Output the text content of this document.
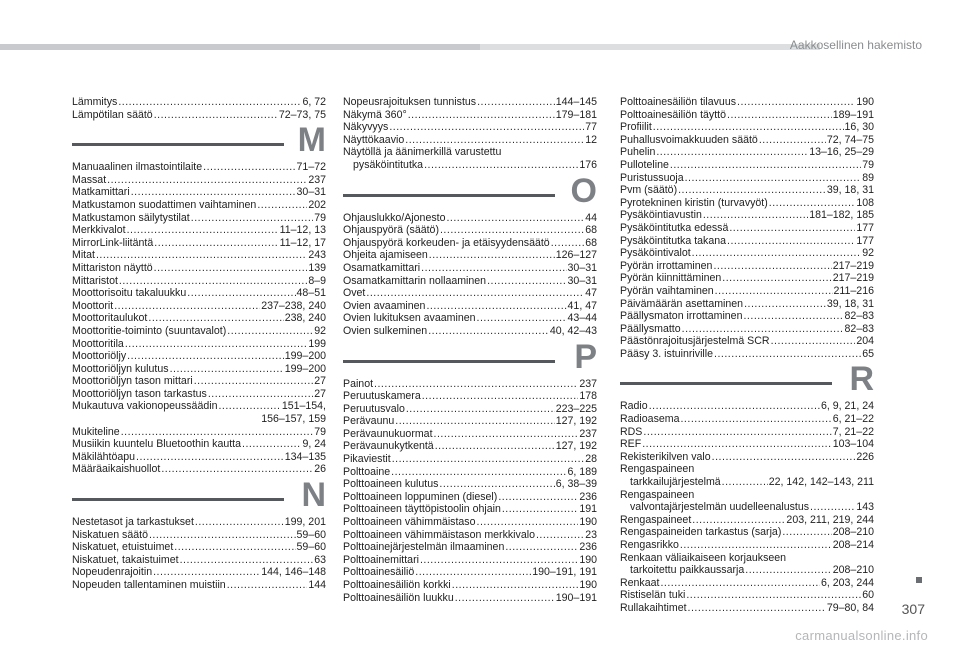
Aakkosellinen hakemisto
Lämmitys .....	6, 72
Lämpötilan säätö .....	72–73, 75
M
Manuaalinen ilmastointilaite .....	71–72
Massat .....	237
Matkamittari .....	30–31
Matkustamon suodattimen vaihtaminen .....	202
Matkustamon säilytystilat .....	79
Merkkivalot .....	11–12, 13
MirrorLink-liitäntä .....	11–12, 17
Mitat .....	243
Mittariston näyttö .....	139
Mittaristot .....	8–9
Moottorisoitu takaluukku .....	48–51
Moottorit .....	237–238, 240
Moottoritaulukot .....	238, 240
Moottoritie-toiminto (suuntavalot) .....	92
Moottoritila .....	199
Moottoriöljy .....	199–200
Moottoriöljyn kulutus .....	199–200
Moottoriöljyn tason mittari .....	27
Moottoriöljyn tason tarkastus .....	27
Mukautuva vakionopeussäädin .....	151–154,
156–157, 159
Mukiteline .....	79
Musiikin kuuntelu Bluetoothin kautta .....	9, 24
Mäkilähtöapu .....	134–135
Määräaikaishuollot .....	26
N
Nestetasot ja tarkastukset .....	199, 201
Niskatuen säätö .....	59–60
Niskatuet, etuistuimet .....	59–60
Niskatuet, takaistuimet .....	63
Nopeudenrajoitin .....	144, 146–148
Nopeuden tallentaminen muistiin .....	144
Nopeusrajoituksen tunnistus .....	144–145
Näkymä 360° .....	179–181
Näkyvyys .....	77
Näyttökaavio .....	12
Näytöllä ja äänimerkillä varustettu
pysäköintitutka .....	176
O
Ohjauslukko/Ajonesto .....	44
Ohjauspyörä (säätö) .....	68
Ohjauspyörä korkeuden- ja etäisyydensäätö .....	68
Ohjeita ajamiseen .....	126–127
Osamatkamittari .....	30–31
Osamatkamittarin nollaaminen .....	30–31
Ovet .....	47
Ovien avaaminen .....	41, 47
Ovien lukituksen avaaminen .....	43–44
Ovien sulkeminen .....	40, 42–43
P
Painot .....	237
Peruutuskamera .....	178
Peruutusvalo .....	223–225
Perävaunu .....	127, 192
Perävaunukuormat .....	237
Perävaunukytkentä .....	127, 192
Pikaviestit .....	28
Polttoaine .....	6, 189
Polttoaineen kulutus .....	6, 38–39
Polttoaineen loppuminen (diesel) .....	236
Polttoaineen täyttöpistoolin ohjain .....	191
Polttoaineen vähimmäistaso .....	190
Polttoaineen vähimmäistason merkkivalo .....	23
Polttoainejärjestelmän ilmaaminen .....	236
Polttoainemittari .....	190
Polttoainesäiliö .....	190–191, 191
Polttoainesäiliön korkki .....	190
Polttoainesäiliön luukku .....	190–191
Polttoainesäiliön tilavuus .....	190
Polttoainesäiliön täyttö .....	189–191
Profiilit .....	16, 30
Puhallusvoimakkuuden säätö .....	72, 74–75
Puhelin .....	13–16, 25–29
Pulloteline .....	79
Puristussuoja .....	89
Pvm (säätö) .....	39, 18, 31
Pyrotekninen kiristin (turvavyöt) .....	108
Pysäköintiavustin .....	181–182, 185
Pysäköintitutka edessä .....	177
Pysäköintitutka takana .....	177
Pysäköintivalot .....	92
Pyörän irrottaminen .....	217–219
Pyörän kiinnittäminen .....	217–219
Pyörän vaihtaminen .....	211–216
Päivämäärän asettaminen .....	39, 18, 31
Päällysmaton irrottaminen .....	82–83
Päällysmatto .....	82–83
Päästönrajoitusjärjestelmä SCR .....	204
Pääsy 3. istuinriville .....	65
R
Radio .....	6, 9, 21, 24
Radioasema .....	6, 21–22
RDS .....	7, 21–22
REF .....	103–104
Rekisterikilven valo .....	226
Rengaspaineen
tarkkailujärjestelmä .....	22, 142, 142–143, 211
Rengaspaineen
valvontajärjestelmän uudelleenalustus .....	143
Rengaspaineet .....	203, 211, 219, 244
Rengaspaineiden tarkastus (sarja) .....	208–210
Rengasrikko .....	208–214
Renkaan väliaikaiseen korjaukseen
tarkoitettu paikkaussarja .....	208–210
Renkaat .....	6, 203, 244
Ristiselän tuki .....	60
Rullakaihtimet .....	79–80, 84 307
carmanualsonline.info
